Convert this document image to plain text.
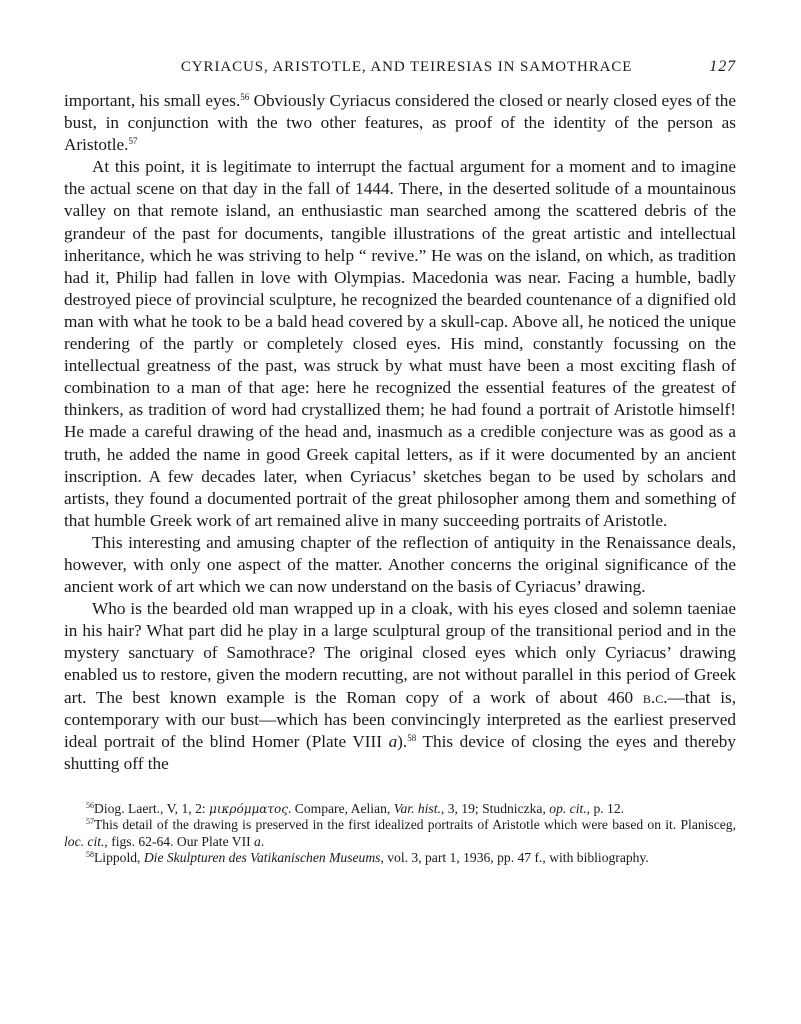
CYRIACUS, ARISTOTLE, AND TEIRESIAS IN SAMOTHRACE	127

important, his small eyes.$^{56}$ Obviously Cyriacus considered the closed or nearly closed eyes of the bust, in conjunction with the two other features, as proof of the identity of the person as Aristotle.$^{57}$

At this point, it is legitimate to interrupt the factual argument for a moment and to imagine the actual scene on that day in the fall of 1444. There, in the deserted solitude of a mountainous valley on that remote island, an enthusiastic man searched among the scattered debris of the grandeur of the past for documents, tangible illustrations of the great artistic and intellectual inheritance, which he was striving to help “ revive.” He was on the island, on which, as tradition had it, Philip had fallen in love with Olympias. Macedonia was near. Facing a humble, badly destroyed piece of provincial sculpture, he recognized the bearded countenance of a dignified old man with what he took to be a bald head covered by a skull-cap. Above all, he noticed the unique rendering of the partly or completely closed eyes. His mind, constantly focussing on the intellectual greatness of the past, was struck by what must have been a most exciting flash of combination to a man of that age: here he recognized the essential features of the greatest of thinkers, as tradition of word had crystallized them; he had found a portrait of Aristotle himself! He made a careful drawing of the head and, inasmuch as a credible conjecture was as good as a truth, he added the name in good Greek capital letters, as if it were documented by an ancient inscription. A few decades later, when Cyriacus’ sketches began to be used by scholars and artists, they found a documented portrait of the great philosopher among them and something of that humble Greek work of art remained alive in many succeeding portraits of Aristotle.

This interesting and amusing chapter of the reflection of antiquity in the Renaissance deals, however, with only one aspect of the matter. Another concerns the original significance of the ancient work of art which we can now understand on the basis of Cyriacus’ drawing.

Who is the bearded old man wrapped up in a cloak, with his eyes closed and solemn taeniae in his hair? What part did he play in a large sculptural group of the transitional period and in the mystery sanctuary of Samothrace? The original closed eyes which only Cyriacus’ drawing enabled us to restore, given the modern recutting, are not without parallel in this period of Greek art. The best known example is the Roman copy of a work of about 460 b.c.—that is, contemporary with our bust—which has been convincingly interpreted as the earliest preserved ideal portrait of the blind Homer (Plate VIII a).$^{58}$ This device of closing the eyes and thereby shutting off the

$^{56}$Diog. Laert., V, 1, 2: μικρόμματος. Compare, Aelian, Var. hist., 3, 19; Studniczka, op. cit., p. 12.

$^{57}$This detail of the drawing is preserved in the first idealized portraits of Aristotle which were based on it. Planisceg, loc. cit., figs. 62-64. Our Plate VII a.

$^{58}$Lippold, Die Skulpturen des Vatikanischen Museums, vol. 3, part 1, 1936, pp. 47 f., with bibliography.
